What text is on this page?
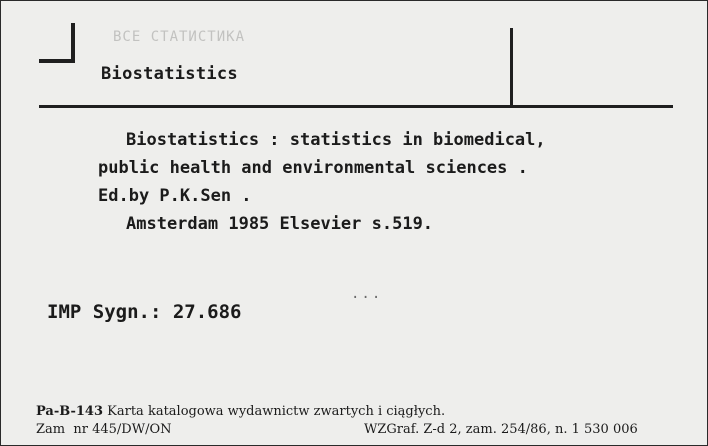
ВСЕ СТАТИСТИКА
Biostatistics
Biostatistics : statistics in biomedical,
public health and environmental sciences .
Ed.by P.K.Sen .
Amsterdam 1985 Elsevier s.519.
...
IMP Sygn.: 27.686
Pa-B-143 Karta katalogowa wydawnictw zwartych i ciągłych.
Zam  nr 445/DW/ON	WZGraf. Z-d 2, zam. 254/86, n. 1 530 006
